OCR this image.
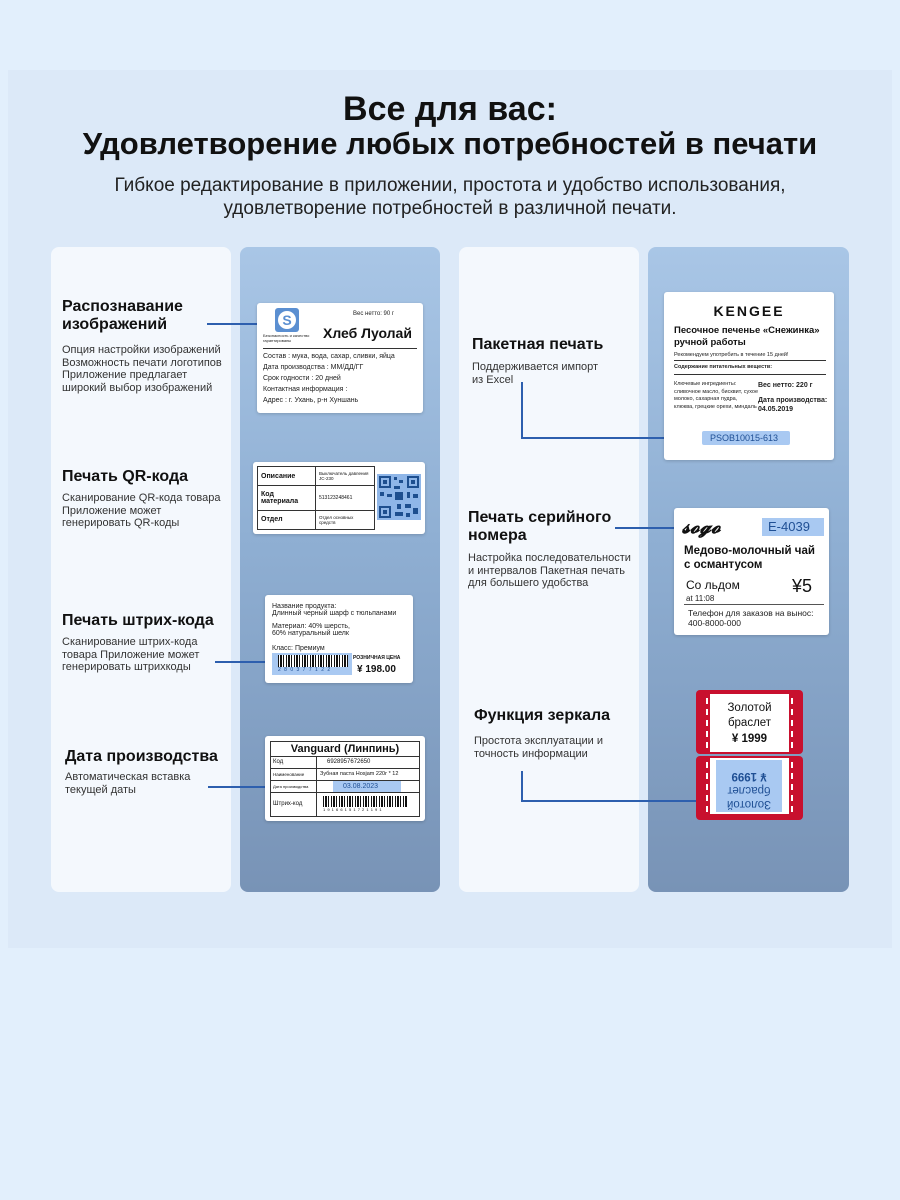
Все для вас:
Удовлетворение любых потребностей в печати
Гибкое редактирование в приложении, простота и удобство использования, удовлетворение потребностей в различной печати.
Распознавание изображений
Опция настройки изображений Возможность печати логотипов Приложение предлагает широкий выбор изображений
Печать QR-кода
Сканирование QR-кода товара Приложение может генерировать QR-коды
Печать штрих-кода
Сканирование штрих-кода товара Приложение может генерировать штрихкоды
Дата производства
Автоматическая вставка текущей даты
Пакетная печать
Поддерживается импорт из Excel
Печать серийного номера
Настройка последовательности и интервалов Пакетная печать для большего удобства
Функция зеркала
Простота эксплуатации и точность информации
S
Безопасность и качество гарантированы
Вес нетто: 90 г
Хлеб Луолай
Состав : мука, вода, сахар, сливки, яйца
Дата производства : ММ/ДД/ГГ
Срок годности : 20 дней
Контактная информация :
Адрес : г. Ухань, р-н Хуншань
Описание	Выключатель давления JC-230
Код материала	513123248461
Отдел	Отдел основных средств
Название продукта:
Длинный черный шарф с тюльпанами
Материал: 40% шерсть,
60% натуральный шелк
Класс: Премиум
2 8 0 3 7 7 1 2 2
РОЗНИЧНАЯ ЦЕНА
¥ 198.00
Vanguard (Линпинь)
Код	6928957672650
Наименование	Зубная паста Hosjam 220г * 12
Дата производства	03.08.2023
Штрих-код
1 9 1 6 6 1 5 1 7 2 1 1 9 1
KENGEE
Песочное печенье «Снежинка» ручной работы
Рекомендуем употребить в течение 15 дней!
Содержание питательных веществ:
Ключевые ингредиенты: сливочное масло, бисквит, сухое молоко, сахарная пудра, клюква, грецкие орехи, миндаль
Вес нетто: 220 г
Дата производства:
04.05.2019
PSOB10015-613
𝓼𝓸𝓰𝓸	E-4039
Медово-молочный чай с османтусом
Со льдом	¥5
at 11:08
Телефон для заказов на вынос:
400-8000-000
Золотой
браслет
¥ 1999
Золотой
браслет
¥ 1999
